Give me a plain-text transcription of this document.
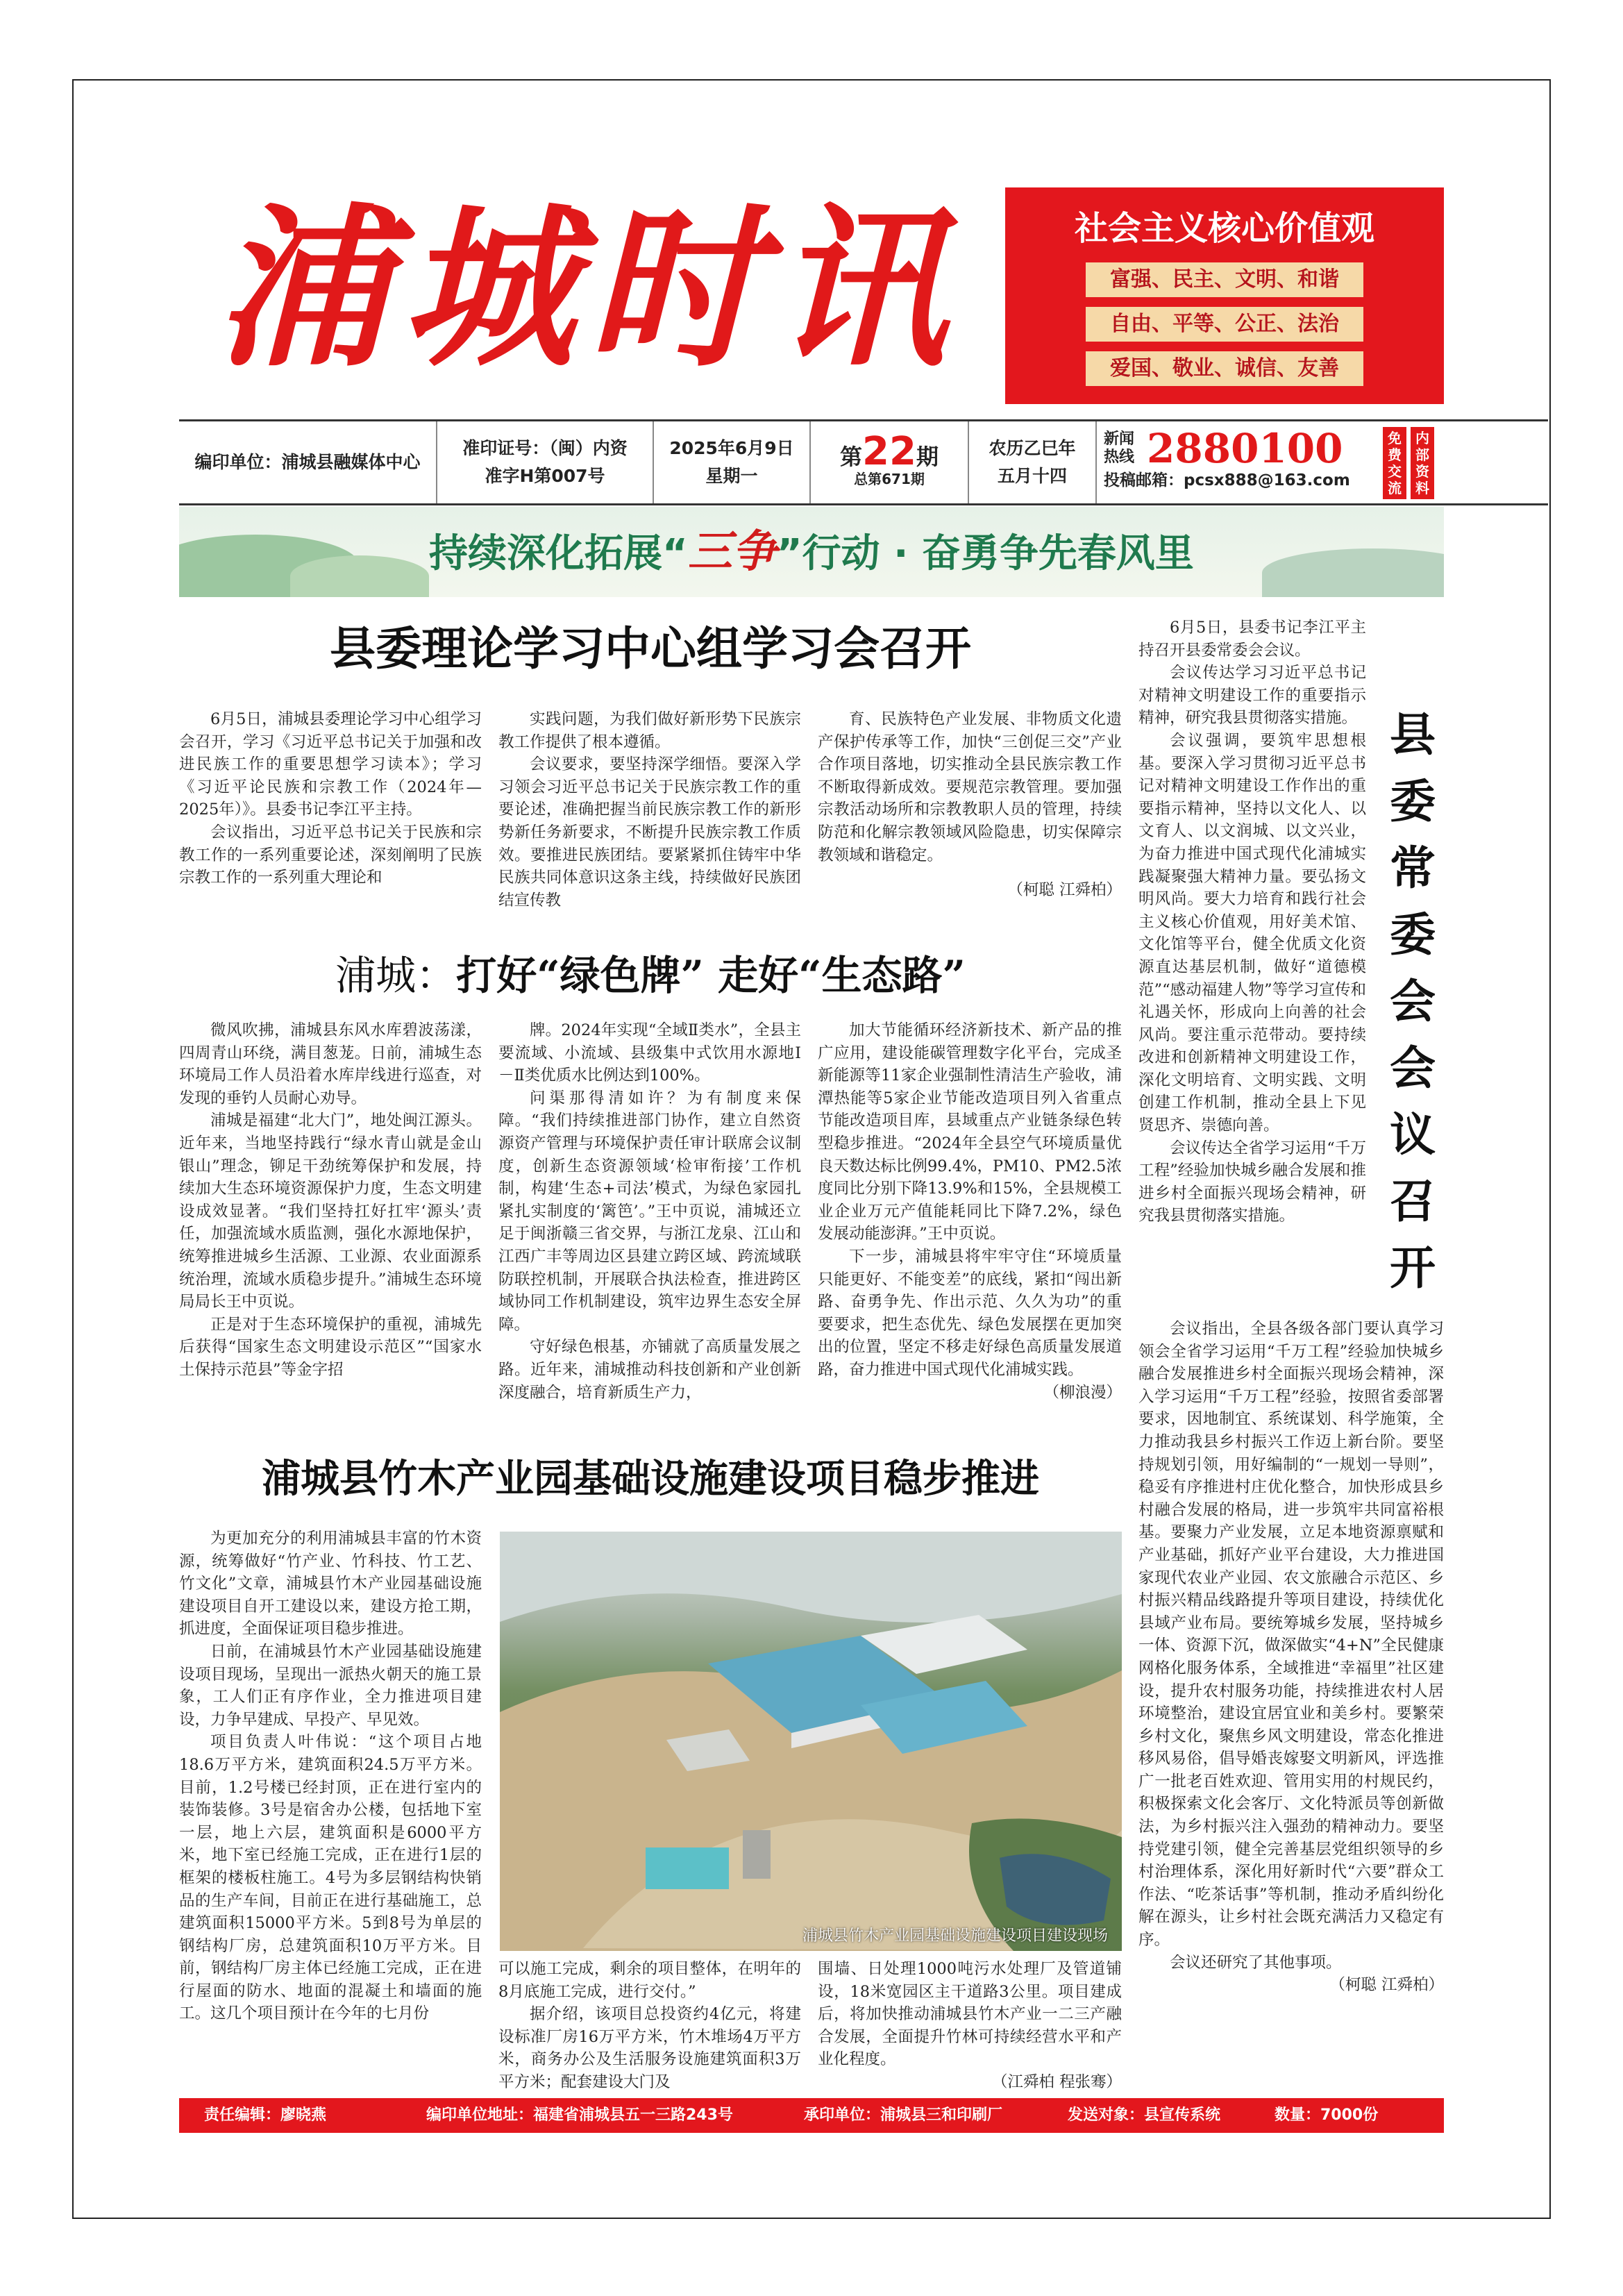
浦城时讯	社会主义核心价值观
富强、民主、文明、和谐
自由、平等、公正、法治
爱国、敬业、诚信、友善
编印单位：浦城县融媒体中心
准印证号：（闽）内资
准字H第007号
2025年6月9日
星期一
第 22 期
总第671期
农历乙巳年
五月十四
新闻
热线 2880100
投稿邮箱：pcsx888@163.com
免费交流
内部资料
持续深化拓展“三争”行动 · 奋勇争先春风里
县委理论学习中心组学习会召开

6月5日，浦城县委理论学习中心组学习会召开，学习《习近平总书记关于加强和改进民族工作的重要思想学习读本》；学习《习近平论民族和宗教工作（2024年—2025年）》。县委书记李江平主持。

会议指出，习近平总书记关于民族和宗教工作的一系列重要论述，深刻阐明了民族宗教工作的一系列重大理论和

实践问题，为我们做好新形势下民族宗教工作提供了根本遵循。

会议要求，要坚持深学细悟。要深入学习领会习近平总书记关于民族宗教工作的重要论述，准确把握当前民族宗教工作的新形势新任务新要求，不断提升民族宗教工作质效。要推进民族团结。要紧紧抓住铸牢中华民族共同体意识这条主线，持续做好民族团结宣传教

育、民族特色产业发展、非物质文化遗产保护传承等工作，加快“三创促三交”产业合作项目落地，切实推动全县民族宗教工作不断取得新成效。要规范宗教管理。要加强宗教活动场所和宗教教职人员的管理，持续防范和化解宗教领域风险隐患，切实保障宗教领域和谐稳定。

（柯聪 江舜柏）

浦城：打好“绿色牌” 走好“生态路”

微风吹拂，浦城县东风水库碧波荡漾，四周青山环绕，满目葱茏。日前，浦城生态环境局工作人员沿着水库岸线进行巡查，对发现的垂钓人员耐心劝导。

浦城是福建“北大门”，地处闽江源头。近年来，当地坚持践行“绿水青山就是金山银山”理念，铆足干劲统筹保护和发展，持续加大生态环境资源保护力度，生态文明建设成效显著。“我们坚持扛好扛牢‘源头’责任，加强流域水质监测，强化水源地保护，统筹推进城乡生活源、工业源、农业面源系统治理，流域水质稳步提升。”浦城生态环境局局长王中页说。

正是对于生态环境保护的重视，浦城先后获得“国家生态文明建设示范区”“国家水土保持示范县”等金字招

牌。2024年实现“全域Ⅱ类水”，全县主要流域、小流域、县级集中式饮用水源地Ⅰ－Ⅱ类优质水比例达到100%。

问渠那得清如许？为有制度来保障。“我们持续推进部门协作，建立自然资源资产管理与环境保护责任审计联席会议制度，创新生态资源领域‘检审衔接’工作机制，构建‘生态+司法’模式，为绿色家园扎紧扎实制度的‘篱笆’。”王中页说，浦城还立足于闽浙赣三省交界，与浙江龙泉、江山和江西广丰等周边区县建立跨区域、跨流域联防联控机制，开展联合执法检查，推进跨区域协同工作机制建设，筑牢边界生态安全屏障。

守好绿色根基，亦铺就了高质量发展之路。近年来，浦城推动科技创新和产业创新深度融合，培育新质生产力，

加大节能循环经济新技术、新产品的推广应用，建设能碳管理数字化平台，完成圣新能源等11家企业强制性清洁生产验收，浦潭热能等5家企业节能改造项目列入省重点节能改造项目库，县域重点产业链条绿色转型稳步推进。“2024年全县空气环境质量优良天数达标比例99.4%，PM10、PM2.5浓度同比分别下降13.9%和15%，全县规模工业企业万元产值能耗同比下降7.2%，绿色发展动能澎湃。”王中页说。

下一步，浦城县将牢牢守住“环境质量只能更好、不能变差”的底线，紧扣“闯出新路、奋勇争先、作出示范、久久为功”的重要要求，把生态优先、绿色发展摆在更加突出的位置，坚定不移走好绿色高质量发展道路，奋力推进中国式现代化浦城实践。

（柳浪漫）

浦城县竹木产业园基础设施建设项目稳步推进

为更加充分的利用浦城县丰富的竹木资源，统筹做好“竹产业、竹科技、竹工艺、竹文化”文章，浦城县竹木产业园基础设施建设项目自开工建设以来，建设方抢工期，抓进度，全面保证项目稳步推进。

日前，在浦城县竹木产业园基础设施建设项目现场，呈现出一派热火朝天的施工景象，工人们正有序作业，全力推进项目建设，力争早建成、早投产、早见效。

项目负责人叶伟说：“这个项目占地18.6万平方米，建筑面积24.5万平方米。目前，1.2号楼已经封顶，正在进行室内的装饰装修。3号是宿舍办公楼，包括地下室一层，地上六层，建筑面积是6000平方米，地下室已经施工完成，正在进行1层的框架的楼板柱施工。4号为多层钢结构快销品的生产车间，目前正在进行基础施工，总建筑面积15000平方米。5到8号为单层的钢结构厂房，总建筑面积10万平方米。目前，钢结构厂房主体已经施工完成，正在进行屋面的防水、地面的混凝土和墙面的施工。这几个项目预计在今年的七月份

浦城县竹木产业园基础设施建设项目建设现场

可以施工完成，剩余的项目整体，在明年的8月底施工完成，进行交付。”

据介绍，该项目总投资约4亿元，将建设标准厂房16万平方米，竹木堆场4万平方米，商务办公及生活服务设施建筑面积3万平方米；配套建设大门及

围墙、日处理1000吨污水处理厂及管道铺设，18米宽园区主干道路3公里。项目建成后，将加快推动浦城县竹木产业一二三产融合发展，全面提升竹林可持续经营水平和产业化程度。

（江舜柏 程张骞）

6月5日，县委书记李江平主持召开县委常委会会议。

会议传达学习习近平总书记对精神文明建设工作的重要指示精神，研究我县贯彻落实措施。

会议强调，要筑牢思想根基。要深入学习贯彻习近平总书记对精神文明建设工作作出的重要指示精神，坚持以文化人、以文育人、以文润城、以文兴业，为奋力推进中国式现代化浦城实践凝聚强大精神力量。要弘扬文明风尚。要大力培育和践行社会主义核心价值观，用好美术馆、文化馆等平台，健全优质文化资源直达基层机制，做好“道德模范”“感动福建人物”等学习宣传和礼遇关怀，形成向上向善的社会风尚。要注重示范带动。要持续改进和创新精神文明建设工作，深化文明培育、文明实践、文明创建工作机制，推动全县上下见贤思齐、崇德向善。

会议传达全省学习运用“千万工程”经验加快城乡融合发展和推进乡村全面振兴现场会精神，研究我县贯彻落实措施。

会议指出，全县各级各部门要认真学习领会全省学习运用“千万工程”经验加快城乡融合发展推进乡村全面振兴现场会精神，深入学习运用“千万工程”经验，按照省委部署要求，因地制宜、系统谋划、科学施策，全力推动我县乡村振兴工作迈上新台阶。要坚持规划引领，用好编制的“一规划一导则”，稳妥有序推进村庄优化整合，加快形成县乡村融合发展的格局，进一步筑牢共同富裕根基。要聚力产业发展，立足本地资源禀赋和产业基础，抓好产业平台建设，大力推进国家现代农业产业园、农文旅融合示范区、乡村振兴精品线路提升等项目建设，持续优化县域产业布局。要统筹城乡发展，坚持城乡一体、资源下沉，做深做实“4+N”全民健康网格化服务体系，全域推进“幸福里”社区建设，提升农村服务功能，持续推进农村人居环境整治，建设宜居宜业和美乡村。要繁荣乡村文化，聚焦乡风文明建设，常态化推进移风易俗，倡导婚丧嫁娶文明新风，评选推广一批老百姓欢迎、管用实用的村规民约，积极探索文化会客厅、文化特派员等创新做法，为乡村振兴注入强劲的精神动力。要坚持党建引领，健全完善基层党组织领导的乡村治理体系，深化用好新时代“六要”群众工作法、“吃茶话事”等机制，推动矛盾纠纷化解在源头，让乡村社会既充满活力又稳定有序。

会议还研究了其他事项。

（柯聪 江舜柏）

县委常委会会议召开
责任编辑：廖晓燕	编印单位地址：福建省浦城县五一三路243号	承印单位：浦城县三和印刷厂	发送对象：县宣传系统	数量：7000份
